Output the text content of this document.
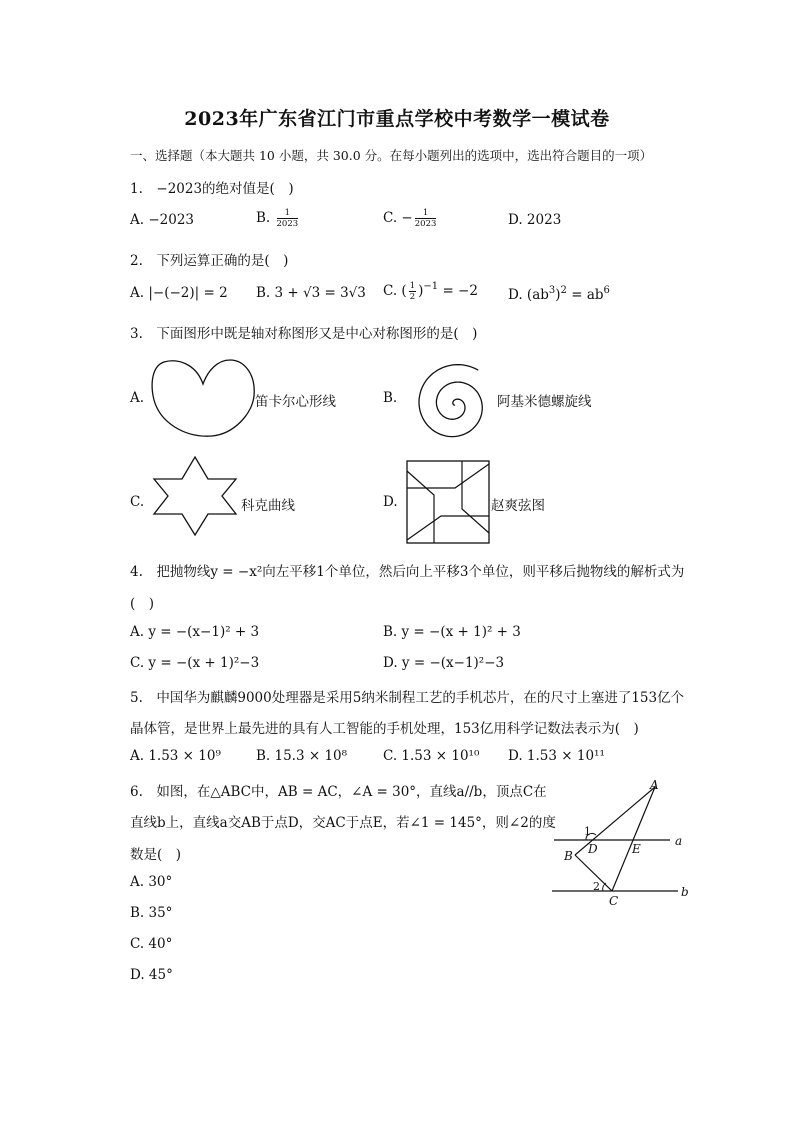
2023年广东省江门市重点学校中考数学一模试卷
一、选择题（本大题共 10 小题，共 30.0 分。在每小题列出的选项中，选出符合题目的一项）
1.　−2023的绝对值是(　)
A. −2023	B. $\frac{1}{2023}$	C. − $\frac{1}{2023}$	D. 2023
2.　下列运算正确的是(　)
A. |−(−2)| = 2 B. 3 + √3 = 3√3 C. ( $\frac{1}{2} )^{-1} = -2$ D. $(ab^3)^2 = ab^6$
3.　下面图形中既是轴对称图形又是中心对称图形的是(　)
A.	笛卡尔心形线	B.	阿基米德螺旋线
C.	科克曲线	D.	赵爽弦图
4.　把抛物线y = −x²向左平移1个单位，然后向上平移3个单位，则平移后抛物线的解析式为
(　)
A. y = −(x−1)² + 3	B. y = −(x + 1)² + 3
C. y = −(x + 1)²−3	D. y = −(x−1)²−3
5.　中国华为麒麟9000处理器是采用5纳米制程工艺的手机芯片，在的尺寸上塞进了153亿个
晶体管，是世界上最先进的具有人工智能的手机处理，153亿用科学记数法表示为(　)
A. 1.53 × 10⁹	B. 15.3 × 10⁸	C. 1.53 × 10¹⁰ D. 1.53 × 10¹¹
6.　如图，在△ABC中，AB = AC，∠A = 30°，直线a//b，顶点C在
直线b上，直线a交AB于点D，交AC于点E，若∠1 = 145°，则∠2的度
数是(　)
A. 30°
B. 35°
C. 40°
D. 45°
A
B
C
D	E
a
b
1
2
